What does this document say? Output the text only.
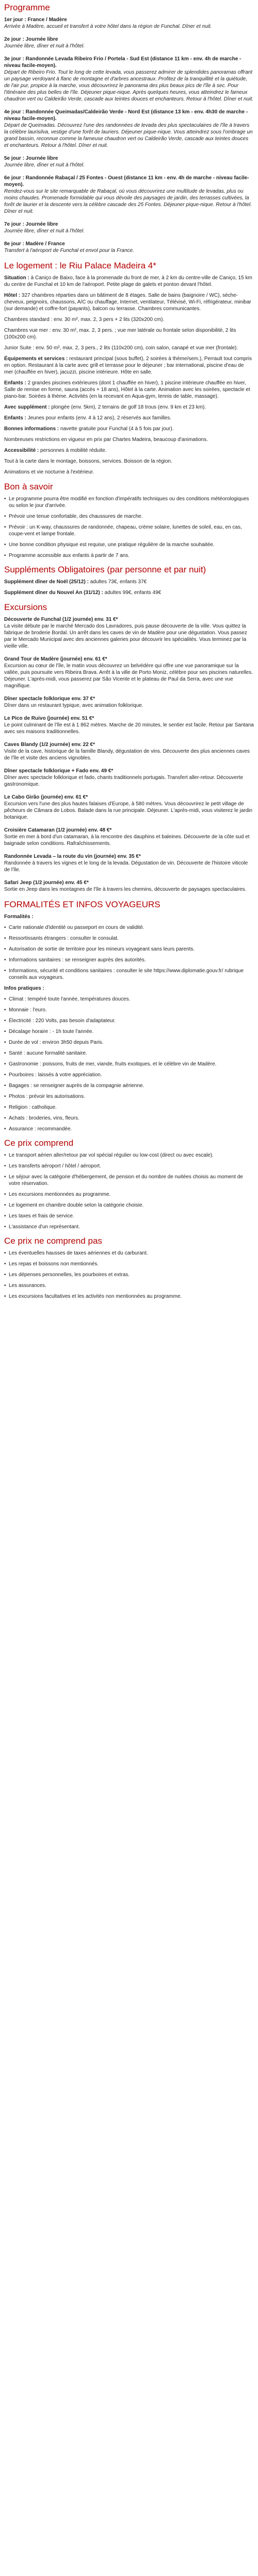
Programme
1er jour : France / Madère
Arrivée à Madère, accueil et transfert à votre hôtel dans la région de Funchal. Dîner et nuit.
2e jour : Journée libre
Journée libre, dîner et nuit à l'hôtel.
3e jour : Randonnée Levada Ribeiro Frio / Portela - Sud Est (distance 11 km - env. 4h de marche - niveau facile-moyen).
Départ de Ribeiro Frio. Tout le long de cette levada, vous passerez admirer de splendides panoramas offrant un paysage verdoyant à flanc de montagne et d'arbres ancestraux. Profitez de la tranquillité et la quiétude, de l'air pur, propice à la marche, vous découvrirez le panorama des plus beaux pics de l'île à sec. Pour l'itinéraire des plus belles de l'île. Déjeuner pique-nique. Après quelques heures, vous atteindrez le fameux chaudron vert ou Caldeirão Verde, cascade aux teintes douces et enchanteurs. Retour à l'hôtel. Dîner et nuit.
4e jour : Randonnée Queimadas/Caldeirão Verde - Nord Est (distance 13 km - env. 4h30 de marche - niveau facile-moyen).
Départ de Queimadas. Découvrez l'une des randonnées de levada des plus spectaculaires de l'île à travers la célèbre laurisilva, vestige d'une forêt de lauriers. Déjeuner pique-nique. Vous atteindrez sous l'ombrage un grand bassin, reconnue comme la fameuse chaudron vert ou Caldeirão Verde, cascade aux teintes douces et enchanteurs. Retour à l'hôtel. Dîner et nuit.
5e jour : Journée libre
Journée libre, dîner et nuit à l'hôtel.
6e jour : Randonnée Rabaçal / 25 Fontes - Ouest (distance 11 km - env. 4h de marche - niveau facile-moyen).
Rendez-vous sur le site remarquable de Rabaçal, où vous découvrirez une multitude de levadas, plus ou moins chaudes. Promenade formidable qui vous dévoile des paysages de jardin, des terrasses cultivées, la forêt de laurier et la descente vers la célèbre cascade des 25 Fontes. Déjeuner pique-nique. Retour à l'hôtel. Dîner et nuit.
7e jour : Journée libre
Journée libre, dîner et nuit à l'hôtel.
8e jour : Madère / France
Transfert à l'aéroport de Funchal et envol pour la France.
Le logement : le Riu Palace Madeira 4*

Situation : à Caniço de Baixo, face à la promenade du front de mer, à 2 km du centre-ville de Caniço, 15 km du centre de Funchal et 10 km de l'aéroport. Petite plage de galets et ponton devant l'hôtel.

Hôtel : 327 chambres réparties dans un bâtiment de 8 étages. Salle de bains (baignoire / WC), sèche-cheveux, peignoirs, chaussons, A/C ou chauffage, Internet, ventilateur, Télévisé, Wi-Fi, réfrigérateur, minibar (sur demande) et coffre-fort (payants), balcon ou terrasse. Chambres communicantes.

Chambres standard : env. 30 m², max. 2, 3 pers + 2 lits (320x200 cm).

Chambres vue mer : env. 30 m², max. 2, 3 pers. ; vue mer latérale ou frontale selon disponibilité, 2 lits (100x200 cm).

Junior Suite : env. 50 m², max. 2, 3 pers., 2 lits (110x200 cm), coin salon, canapé et vue mer (frontale).

Équipements et services : restaurant principal (sous buffet), 2 soirées à thème/sem.), Perrault tout compris en option. Restaurant à la carte avec grill et terrasse pour le déjeuner ; bar international, piscine d'eau de mer (chauffée en hiver), jacuzzi, piscine intérieure. Hôte en salle.

Enfants : 2 grandes piscines extérieures (dont 1 chauffée en hiver), 1 piscine intérieure chauffée en hiver, Salle de remise en forme, sauna (accès + 18 ans), Hôtel à la carte. Animation avec les soirées, spectacle et piano-bar. Soirées à thème. Activités (en la recevant en Aqua-gym, tennis de table, massage).

Avec supplément : plongée (env. 5km), 2 terrains de golf 18 trous (env. 9 km et 23 km).

Enfants : Jeunes pour enfants (env. 4 à 12 ans), 2 réservés aux familles.

Bonnes informations : navette gratuite pour Funchal (4 à 5 fois par jour).

Nombreuses restrictions en vigueur en prix par Chartes Madeira, beaucoup d'animations.

Accessibilité : personnes à mobilité réduite.

Tout à la carte dans le montage, boissons, services. Boisson de la région.

Animations et vie nocturne à l'extérieur.

Bon à savoir
• Le programme pourra être modifié en fonction d'impératifs techniques ou des conditions météorologiques ou selon le jour d'arrivée.
• Prévoir une tenue confortable, des chaussures de marche.
• Prévoir : un K-way, chaussures de randonnée, chapeau, crème solaire, lunettes de soleil, eau, en cas, coupe-vent et lampe frontale.
• Une bonne condition physique est requise, une pratique régulière de la marche souhaitée.
• Programme accessible aux enfants à partir de 7 ans.
Suppléments Obligatoires (par personne et par nuit)
Supplément dîner de Noël (25/12) : adultes 73€, enfants 37€
Supplément dîner du Nouvel An (31/12) : adultes 99€, enfants 49€
Excursions
Découverte de Funchal (1/2 journée) env. 31 €*
La visite débute par le marché Mercado dos Lavradores, puis pause découverte de la ville. Vous quittez la fabrique de broderie Bordal. Un arrêt dans les caves de vin de Madère pour une dégustation. Vous passez par le Mercado Municipal avec des anciennes galeries pour découvrir les spécialités. Vous terminez par la vieille ville.
Grand Tour de Madère (journée) env. 61 €*
Excursion au cœur de l'île, le matin vous découvrez un belvédère qui offre une vue panoramique sur la vallée, puis poursuite vers Ribeira Brava. Arrêt à la ville de Porto Moniz, célèbre pour ses piscines naturelles. Déjeuner. L'après-midi, vous passerez par São Vicente et le plateau de Paul da Serra, avec une vue magnifique.
Dîner spectacle folklorique env. 37 €*
Dîner dans un restaurant typique, avec animation folklorique.
Le Pico de Ruivo (journée) env. 51 €*
Le point culminant de l'île est à 1 862 mètres. Marche de 20 minutes, le sentier est facile. Retour par Santana avec ses maisons traditionnelles.
Caves Blandy (1/2 journée) env. 22 €*
Visite de la cave, historique de la famille Blandy, dégustation de vins. Découverte des plus anciennes caves de l'île et visite des anciens vignobles.
Dîner spectacle folklorique + Fado env. 49 €*
Dîner avec spectacle folklorique et fado, chants traditionnels portugais. Transfert aller-retour. Découverte gastronomique.
Le Cabo Girão (journée) env. 61 €*
Excursion vers l'une des plus hautes falaises d'Europe, à 580 mètres. Vous découvrirez le petit village de pêcheurs de Câmara de Lobos. Balade dans la rue principale. Déjeuner. L'après-midi, vous visiterez le jardin botanique.
Croisière Catamaran (1/2 journée) env. 48 €*
Sortie en mer à bord d'un catamaran, à la rencontre des dauphins et baleines. Découverte de la côte sud et baignade selon conditions. Rafraîchissements.
Randonnée Levada – la route du vin (journée) env. 35 €*
Randonnée à travers les vignes et le long de la levada. Dégustation de vin. Découverte de l'histoire viticole de l'île.
Safari Jeep (1/2 journée) env. 45 €*
Sortie en Jeep dans les montagnes de l'île à travers les chemins, découverte de paysages spectaculaires.
FORMALITÉS ET INFOS VOYAGEURS
Formalités :
• Carte nationale d'identité ou passeport en cours de validité.
• Ressortissants étrangers : consulter le consulat.
• Autorisation de sortie de territoire pour les mineurs voyageant sans leurs parents.
• Informations sanitaires : se renseigner auprès des autorités.
• Informations, sécurité et conditions sanitaires : consulter le site https://www.diplomatie.gouv.fr/ rubrique conseils aux voyageurs.
Infos pratiques :
• Climat : tempéré toute l'année, températures douces.
• Monnaie : l'euro.
• Électricité : 220 Volts, pas besoin d'adaptateur.
• Décalage horaire : - 1h toute l'année.
• Durée de vol : environ 3h50 depuis Paris.
• Santé : aucune formalité sanitaire.
• Gastronomie : poissons, fruits de mer, viande, fruits exotiques, et le célèbre vin de Madère.
• Pourboires : laissés à votre appréciation.
• Bagages : se renseigner auprès de la compagnie aérienne.
• Photos : prévoir les autorisations.
• Religion : catholique.
• Achats : broderies, vins, fleurs.
• Assurance : recommandée.
Ce prix comprend
• Le transport aérien aller/retour par vol spécial régulier ou low-cost (direct ou avec escale).
• Les transferts aéroport / hôtel / aéroport.
• Le séjour avec la catégorie d'hébergement, de pension et du nombre de nuitées choisis au moment de votre réservation.
• Les excursions mentionnées au programme.
• Le logement en chambre double selon la catégorie choisie.
• Les taxes et frais de service.
• L'assistance d'un représentant.
Ce prix ne comprend pas
• Les éventuelles hausses de taxes aériennes et du carburant.
• Les repas et boissons non mentionnés.
• Les dépenses personnelles, les pourboires et extras.
• Les assurances.
• Les excursions facultatives et les activités non mentionnées au programme.
